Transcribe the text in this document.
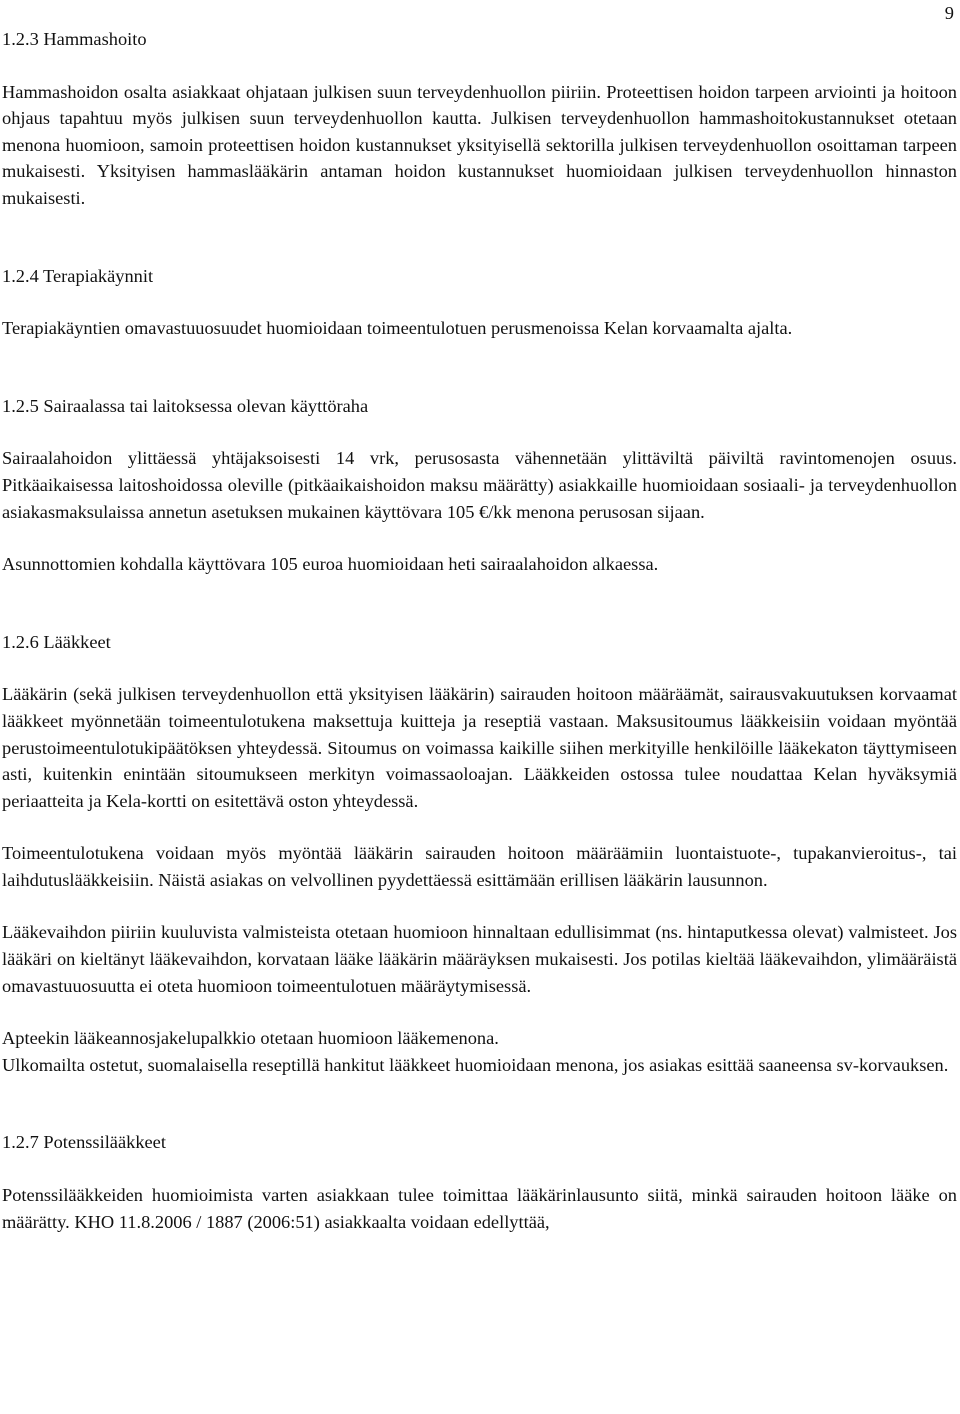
9
1.2.3 Hammashoito

Hammashoidon osalta asiakkaat ohjataan julkisen suun terveydenhuollon piiriin. Proteettisen hoidon tarpeen arviointi ja hoitoon ohjaus tapahtuu myös julkisen suun terveydenhuollon kautta. Julkisen terveydenhuollon hammashoitokustannukset otetaan menona huomioon, samoin proteettisen hoidon kustannukset yksityisellä sektorilla julkisen terveydenhuollon osoittaman tarpeen mukaisesti. Yksityisen hammaslääkärin antaman hoidon kustannukset huomioidaan julkisen terveydenhuollon hinnaston mukaisesti.

1.2.4 Terapiakäynnit

Terapiakäyntien omavastuuosuudet huomioidaan toimeentulotuen perusmenoissa Kelan korvaamalta ajalta.

1.2.5 Sairaalassa tai laitoksessa olevan käyttöraha

Sairaalahoidon ylittäessä yhtäjaksoisesti 14 vrk, perusosasta vähennetään ylittäviltä päiviltä ravintomenojen osuus. Pitkäaikaisessa laitoshoidossa oleville (pitkäaikaishoidon maksu määrätty) asiakkaille huomioidaan sosiaali- ja terveydenhuollon asiakasmaksulaissa annetun asetuksen mukainen käyttövara 105 €/kk menona perusosan sijaan.

Asunnottomien kohdalla käyttövara 105 euroa huomioidaan heti sairaalahoidon alkaessa.

1.2.6 Lääkkeet

Lääkärin (sekä julkisen terveydenhuollon että yksityisen lääkärin) sairauden hoitoon määräämät, sairausvakuutuksen korvaamat lääkkeet myönnetään toimeentulotukena maksettuja kuitteja ja reseptiä vastaan. Maksusitoumus lääkkeisiin voidaan myöntää perustoimeentulotukipäätöksen yhteydessä. Sitoumus on voimassa kaikille siihen merkityille henkilöille lääkekaton täyttymiseen asti, kuitenkin enintään sitoumukseen merkityn voimassaoloajan. Lääkkeiden ostossa tulee noudattaa Kelan hyväksymiä periaatteita ja Kela-kortti on esitettävä oston yhteydessä.

Toimeentulotukena voidaan myös myöntää lääkärin sairauden hoitoon määräämiin luontaistuote-, tupakanvieroitus-, tai laihdutuslääkkeisiin. Näistä asiakas on velvollinen pyydettäessä esittämään erillisen lääkärin lausunnon.

Lääkevaihdon piiriin kuuluvista valmisteista otetaan huomioon hinnaltaan edullisimmat (ns. hintaputkessa olevat) valmisteet. Jos lääkäri on kieltänyt lääkevaihdon, korvataan lääke lääkärin määräyksen mukaisesti. Jos potilas kieltää lääkevaihdon, ylimääräistä omavastuuosuutta ei oteta huomioon toimeentulotuen määräytymisessä.

Apteekin lääkeannosjakelupalkkio otetaan huomioon lääkemenona.

Ulkomailta ostetut, suomalaisella reseptillä hankitut lääkkeet huomioidaan menona, jos asiakas esittää saaneensa sv-korvauksen.

1.2.7 Potenssilääkkeet

Potenssilääkkeiden huomioimista varten asiakkaan tulee toimittaa lääkärinlausunto siitä, minkä sairauden hoitoon lääke on määrätty. KHO 11.8.2006 / 1887 (2006:51) asiakkaalta voidaan edellyttää,
